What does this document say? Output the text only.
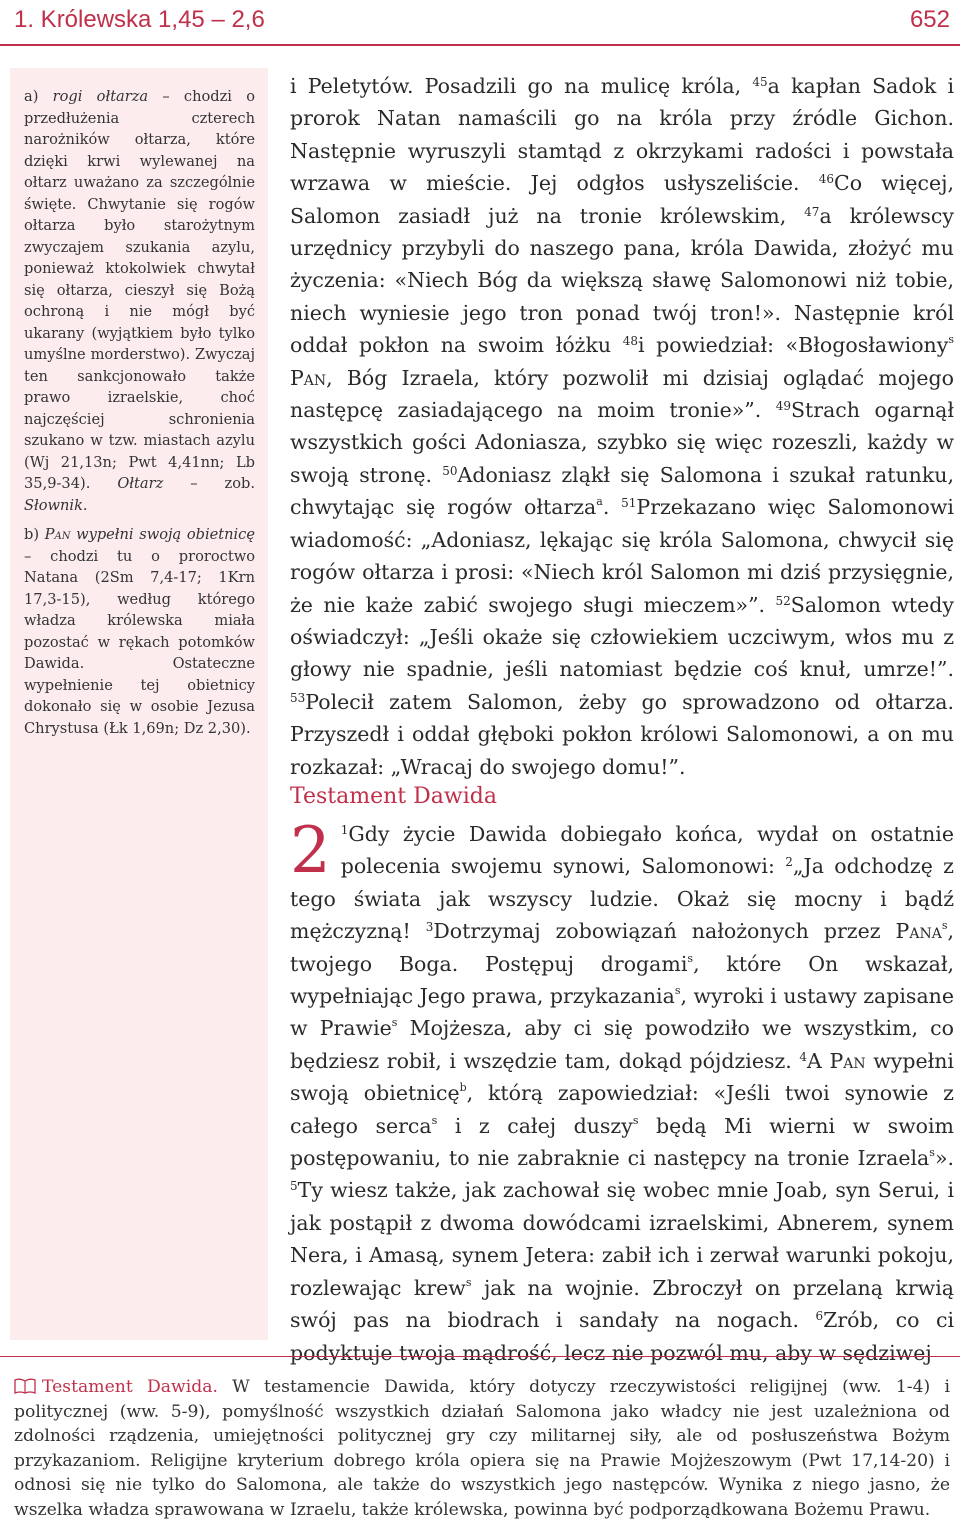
1. Królewska 1,45 – 2,6	652

a) rogi ołtarza – chodzi o przedłużenia czterech narożników ołtarza, które dzięki krwi wylewanej na ołtarz uważano za szczególnie święte. Chwytanie się rogów ołtarza było starożytnym zwyczajem szukania azylu, ponieważ ktokolwiek chwytał się ołtarza, cieszył się Bożą ochroną i nie mógł być ukarany (wyjątkiem było tylko umyślne morderstwo). Zwyczaj ten sankcjonowało także prawo izraelskie, choć najczęściej schronienia szukano w tzw. miastach azylu (Wj 21,13n; Pwt 4,41nn; Lb 35,9-34). Ołtarz – zob. Słownik.

b) Pan wypełni swoją obietnicę – chodzi tu o proroctwo Natana (2Sm 7,4-17; 1Krn 17,3-15), według którego władza królewska miała pozostać w rękach potomków Dawida. Ostateczne wypełnienie tej obietnicy dokonało się w osobie Jezusa Chrystusa (Łk 1,69n; Dz 2,30).

i Peletytów. Posadzili go na mulicę króla, $^{45}$a kapłan Sadok i prorok Natan namaścili go na króla przy źródle Gichon. Następnie wyruszyli stamtąd z okrzykami radości i powstała wrzawa w mieście. Jej odgłos usłyszeliście. $^{46}$Co więcej, Salomon zasiadł już na tronie królewskim, $^{47}$a królewscy urzędnicy przybyli do naszego pana, króla Dawida, złożyć mu życzenia: «Niech Bóg da większą sławę Salomonowi niż tobie, niech wyniesie jego tron ponad twój tron!». Następnie król oddał pokłon na swoim łóżku $^{48}$i powiedział: «Błogosławiony$^s$ Pan, Bóg Izraela, który pozwolił mi dzisiaj oglądać mojego następcę zasiadającego na moim tronie»”. $^{49}$Strach ogarnął wszystkich gości Adoniasza, szybko się więc rozeszli, każdy w swoją stronę. $^{50}$Adoniasz zląkł się Salomona i szukał ratunku, chwytając się rogów ołtarza$^a$. $^{51}$Przekazano więc Salomonowi wiadomość: „Adoniasz, lękając się króla Salomona, chwycił się rogów ołtarza i prosi: «Niech król Salomon mi dziś przysięgnie, że nie każe zabić swojego sługi mieczem»”. $^{52}$Salomon wtedy oświadczył: „Jeśli okaże się człowiekiem uczciwym, włos mu z głowy nie spadnie, jeśli natomiast będzie coś knuł, umrze!”. $^{53}$Polecił zatem Salomon, żeby go sprowadzono od ołtarza. Przyszedł i oddał głęboki pokłon królowi Salomonowi, a on mu rozkazał: „Wracaj do swojego domu!”.

Testament Dawida
2 $^1$Gdy życie Dawida dobiegało końca, wydał on ostatnie polecenia swojemu synowi, Salomonowi: $^2$„Ja odchodzę z tego świata jak wszyscy ludzie. Okaż się mocny i bądź mężczyzną! $^3$Dotrzymaj zobowiązań nałożonych przez Pana$^s$, twojego Boga. Postępuj drogami$^s$, które On wskazał, wypełniając Jego prawa, przykazania$^s$, wyroki i ustawy zapisane w Prawie$^s$ Mojżesza, aby ci się powodziło we wszystkim, co będziesz robił, i wszędzie tam, dokąd pójdziesz. $^4$A Pan wypełni swoją obietnicę$^b$, którą zapowiedział: «Jeśli twoi synowie z całego serca$^s$ i z całej duszy$^s$ będą Mi wierni w swoim postępowaniu, to nie zabraknie ci następcy na tronie Izraela$^s$». $^5$Ty wiesz także, jak zachował się wobec mnie Joab, syn Serui, i jak postąpił z dwoma dowódcami izraelskimi, Abnerem, synem Nera, i Amasą, synem Jetera: zabił ich i zerwał warunki pokoju, rozlewając krew$^s$ jak na wojnie. Zbroczył on przelaną krwią swój pas na biodrach i sandały na nogach. $^6$Zrób, co ci podyktuje twoja mądrość, lecz nie pozwól mu, aby w sędziwej

Testament Dawida. W testamencie Dawida, który dotyczy rzeczywistości religijnej (ww. 1-4) i politycznej (ww. 5-9), pomyślność wszystkich działań Salomona jako władcy nie jest uzależniona od zdolności rządzenia, umiejętności politycznej gry czy militarnej siły, ale od posłuszeństwa Bożym przykazaniom. Religijne kryterium dobrego króla opiera się na Prawie Mojżeszowym (Pwt 17,14-20) i odnosi się nie tylko do Salomona, ale także do wszystkich jego następców. Wynika z niego jasno, że wszelka władza sprawowana w Izraelu, także królewska, powinna być podporządkowana Bożemu Prawu.
